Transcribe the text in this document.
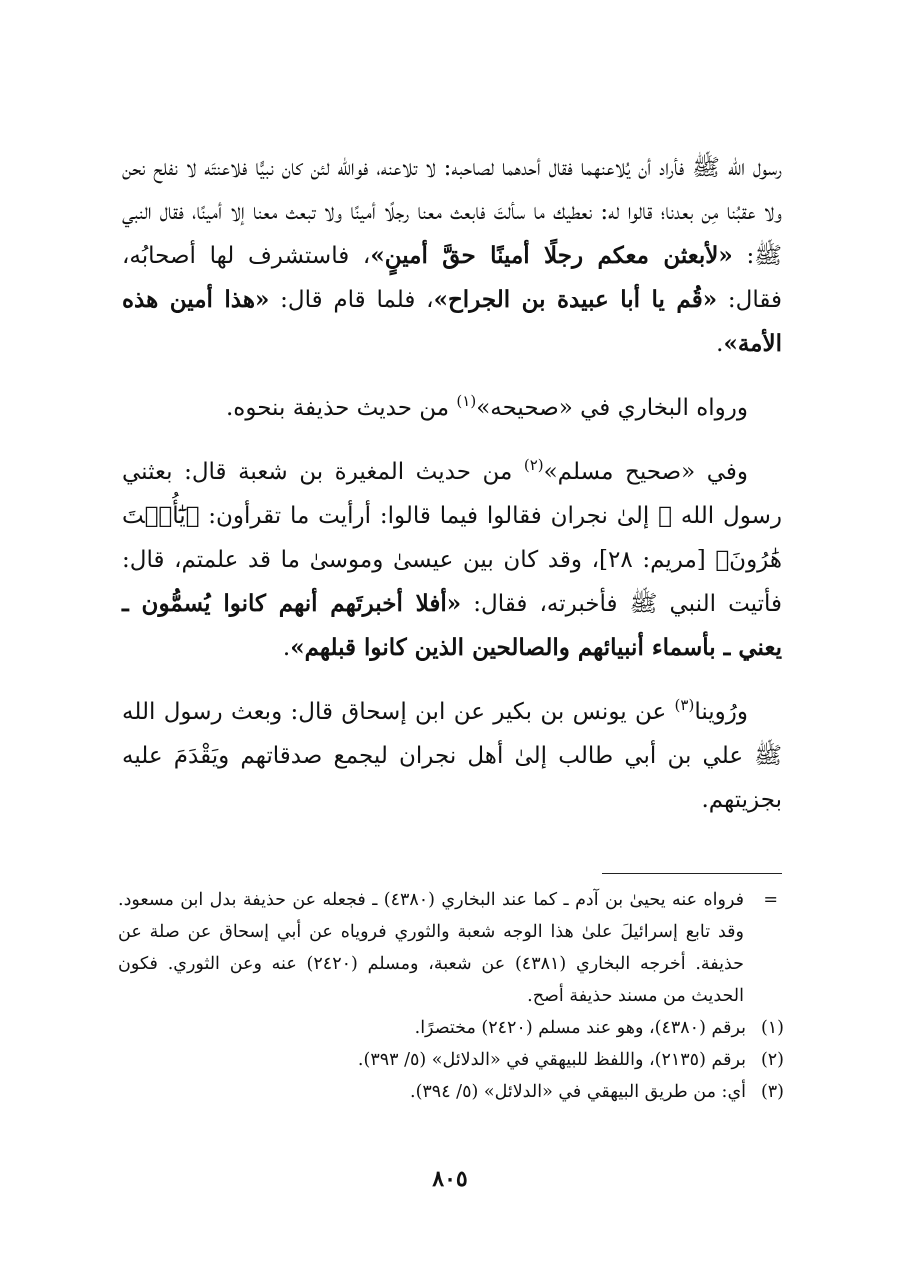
رسول الله ﷺ فأراد أن يُلاعنهما فقال أحدهما لصاحبه: لا تلاعنه، فوالله لئن كان نبيًّا فلاعنتَه لا نفلح نحن ولا عقبُنا مِن بعدنا؛ قالوا له: نعطيك ما سألتَ فابعث معنا رجلًا أمينًا ولا تبعث معنا إلا أمينًا، فقال النبي ﷺ: «لأبعثن معكم رجلًا أمينًا حقَّ أمينٍ»، فاستشرف لها أصحابُه، فقال: «قُم يا أبا عبيدة بن الجراح»، فلما قام قال: «هذا أمين هذه الأمة».

ورواه البخاري في «صحيحه»$^{(١)}$ من حديث حذيفة بنحوه.

وفي «صحيح مسلم»$^{(٢)}$ من حديث المغيرة بن شعبة قال: بعثني رسول الله ﷺ إلىٰ نجران فقالوا فيما قالوا: أرأيت ما تقرأون: ﴿يَٰٓأُخۡتَ هَٰرُونَ﴾ [مريم: ٢٨]، وقد كان بين عيسىٰ وموسىٰ ما قد علمتم، قال: فأتيت النبي ﷺ فأخبرته، فقال: «أفلا أخبرتَهم أنهم كانوا يُسمُّون ـ يعني ـ بأسماء أنبيائهم والصالحين الذين كانوا قبلهم».

ورُوينا$^{(٣)}$ عن يونس بن بكير عن ابن إسحاق قال: وبعث رسول الله ﷺ علي بن أبي طالب إلىٰ أهل نجران ليجمع صدقاتهم ويَقْدَمَ عليه بجزيتهم.

=
فرواه عنه يحيىٰ بن آدم ـ كما عند البخاري (٤٣٨٠) ـ فجعله عن حذيفة بدل ابن مسعود. وقد تابع إسرائيلَ علىٰ هذا الوجه شعبة والثوري فروياه عن أبي إسحاق عن صلة عن حذيفة. أخرجه البخاري (٤٣٨١) عن شعبة، ومسلم (٢٤٢٠) عنه وعن الثوري. فكون الحديث من مسند حذيفة أصح.

(١)برقم (٤٣٨٠)، وهو عند مسلم (٢٤٢٠) مختصرًا.

(٢)برقم (٢١٣٥)، واللفظ للبيهقي في «الدلائل» (٥/ ٣٩٣).

(٣)أي: من طريق البيهقي في «الدلائل» (٥/ ٣٩٤).

٨٠٥
